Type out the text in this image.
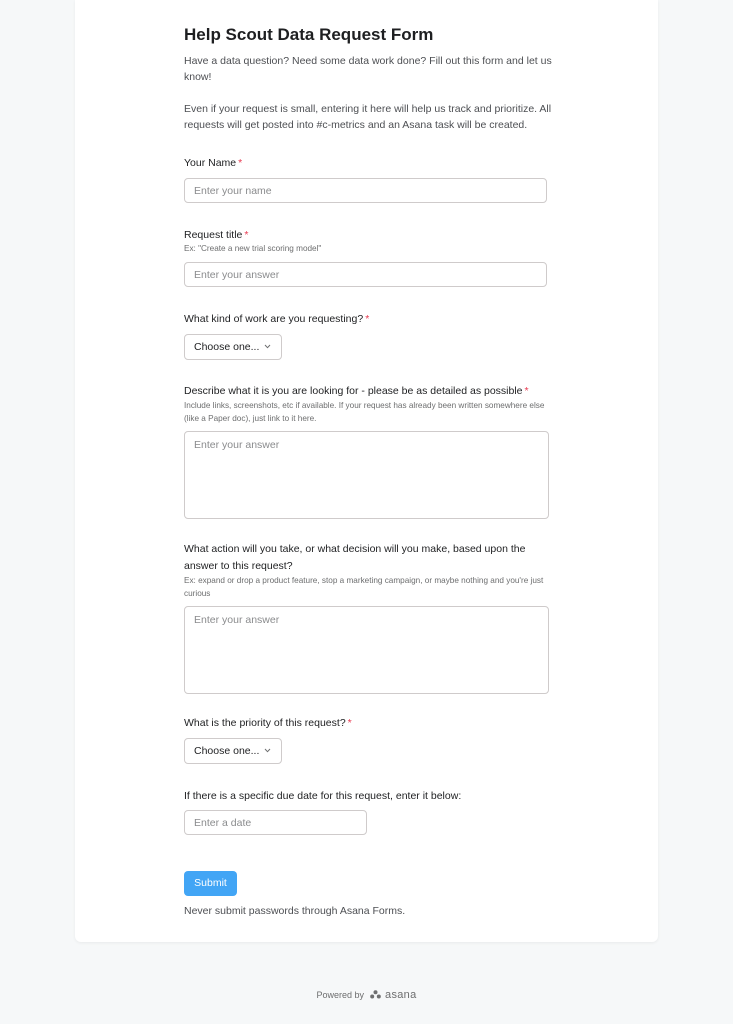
Help Scout Data Request Form
Have a data question? Need some data work done? Fill out this form and let us know!
Even if your request is small, entering it here will help us track and prioritize. All requests will get posted into #c-metrics and an Asana task will be created.
Your Name *
Enter your name
Request title *
Ex: "Create a new trial scoring model"
Enter your answer
What kind of work are you requesting? *
Choose one...
Describe what it is you are looking for - please be as detailed as possible *
Include links, screenshots, etc if available. If your request has already been written somewhere else (like a Paper doc), just link to it here.
Enter your answer
What action will you take, or what decision will you make, based upon the answer to this request?
Ex: expand or drop a product feature, stop a marketing campaign, or maybe nothing and you're just curious
Enter your answer
What is the priority of this request? *
Choose one...
If there is a specific due date for this request, enter it below:
Enter a date
Submit
Never submit passwords through Asana Forms.
Powered by asana
